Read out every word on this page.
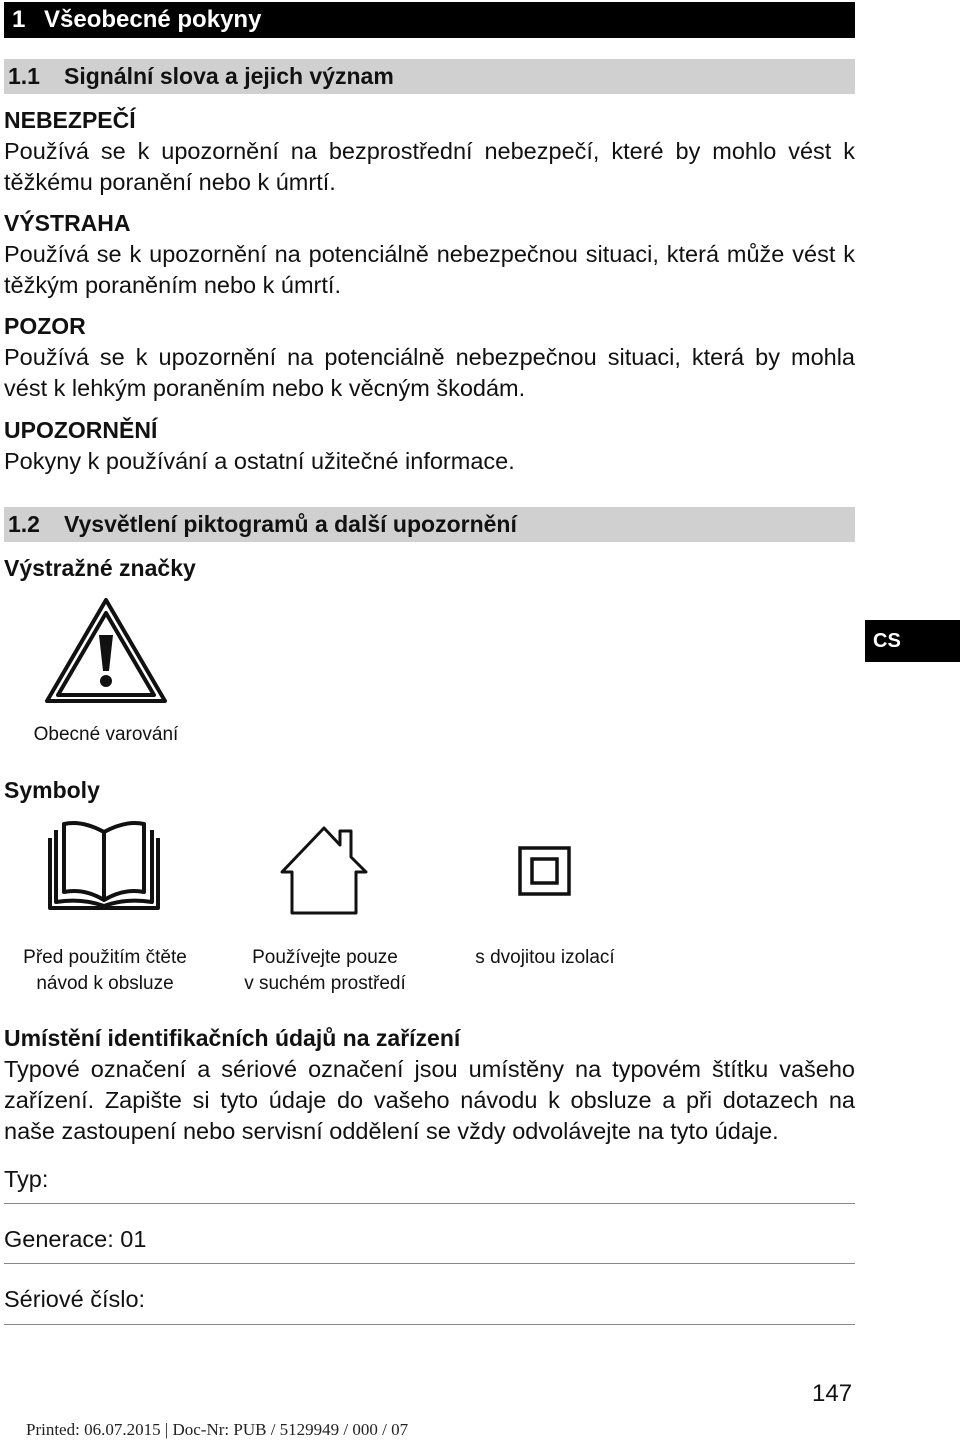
1 Všeobecné pokyny
1.1 Signální slova a jejich význam
NEBEZPEČÍ
Používá se k upozornění na bezprostřední nebezpečí, které by mohlo vést k těžkému poranění nebo k úmrtí.
VÝSTRAHA
Používá se k upozornění na potenciálně nebezpečnou situaci, která může vést k těžkým poraněním nebo k úmrtí.
POZOR
Používá se k upozornění na potenciálně nebezpečnou situaci, která by mohla vést k lehkým poraněním nebo k věcným škodám.
UPOZORNĚNÍ
Pokyny k používání a ostatní užitečné informace.
1.2 Vysvětlení piktogramů a další upozornění
Výstražné značky
Obecné varování
CS
Symboly
Před použitím čtěte
návod k obsluze
Používejte pouze
v suchém prostředí
s dvojitou izolací
Umístění identifikačních údajů na zařízení
Typové označení a sériové označení jsou umístěny na typovém štítku vašeho zařízení. Zapište si tyto údaje do vašeho návodu k obsluze a při dotazech na naše zastoupení nebo servisní oddělení se vždy odvolávejte na tyto údaje.
Typ:
Generace: 01
Sériové číslo:
147
Printed: 06.07.2015 | Doc-Nr: PUB / 5129949 / 000 / 07
